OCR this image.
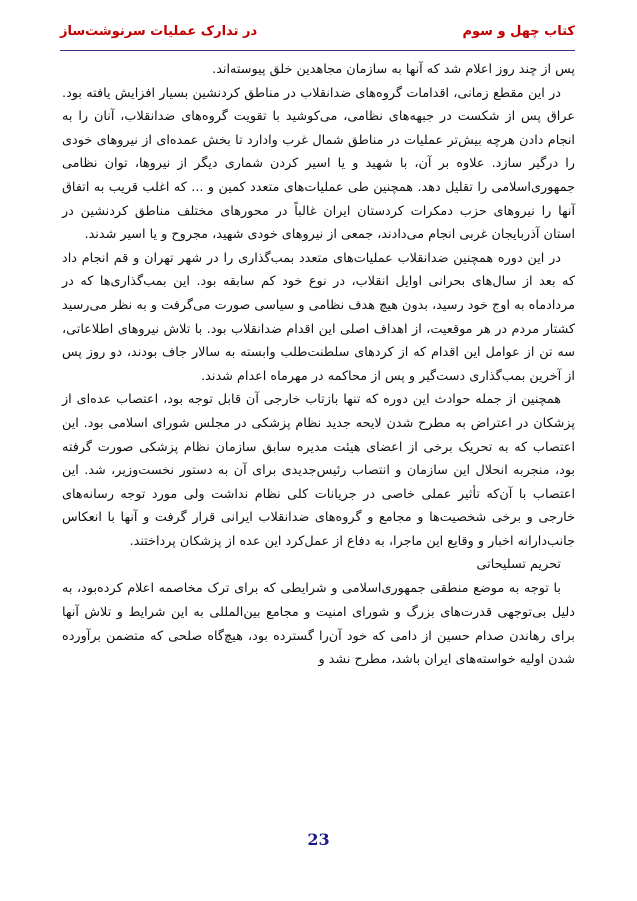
کتاب چهل و سوم
در تدارک عملیات سرنوشت‌ساز

پس از چند روز اعلام شد که آنها به سازمان مجاهدین خلق پیوسته‌اند.

در این مقطع زمانی، اقدامات گروه‌های ضدانقلاب در مناطق کردنشین بسیار افزایش یافته بود. عراق پس از شکست در جبهه‌های نظامی، می‌کوشید با تقویت گروه‌های ضدانقلاب، آنان را به انجام دادن هرچه بیش‌تر عملیات در مناطق شمال غرب وادارد تا بخش عمده‌ای از نیروهای خودی را درگیر سازد. علاوه بر آن، با شهید و یا اسیر کردن شماری دیگر از نیروها، توان نظامی جمهوری‌اسلامی را تقلیل دهد. همچنین طی عملیات‌های متعدد کمین و ... که اغلب قریب به اتفاق آنها را نیروهای حزب دمکرات کردستان ایران غالباً در محورهای مختلف مناطق کردنشین در استان آذربایجان غربی انجام می‌دادند، جمعی از نیروهای خودی شهید، مجروح و یا اسیر شدند.

در این دوره همچنین ضدانقلاب عملیات‌های متعدد بمب‌گذاری را در شهر تهران و قم انجام داد که بعد از سال‌های بحرانی اوایل انقلاب، در نوع خود کم سابقه بود. این بمب‌گذاری‌ها که در مردادماه به اوج خود رسید، بدون هیچ هدف نظامی و سیاسی صورت می‌گرفت و به نظر می‌رسید کشتار مردم در هر موقعیت، از اهداف اصلی این اقدام ضدانقلاب بود. با تلاش نیروهای اطلاعاتی، سه تن از عوامل این اقدام که از کردهای سلطنت‌طلب وابسته به سالار جاف بودند، دو روز پس از آخرین بمب‌گذاری دست‌گیر و پس از محاکمه در مهرماه اعدام شدند.

همچنین از جمله حوادث این دوره که تنها بازتاب خارجی آن قابل توجه بود، اعتصاب عده‌ای از پزشکان در اعتراض به مطرح شدن لایحه جدید نظام پزشکی در مجلس شورای اسلامی بود. این اعتصاب که به تحریک برخی از اعضای هیئت مدیره سابق سازمان نظام پزشکی صورت گرفته بود، منجربه انحلال این سازمان و انتصاب رئیس‌جدیدی برای آن به دستور نخست‌وزیر، شد. این اعتصاب با آن‌که تأثیر عملی خاصی در جریانات کلی نظام نداشت ولی مورد توجه رسانه‌های خارجی و برخی شخصیت‌ها و مجامع و گروه‌های ضدانقلاب ایرانی قرار گرفت و آنها با انعکاس جانب‌دارانه اخبار و وقایع این ماجرا، به دفاع از عمل‌کرد این عده از پزشکان پرداختند.

تحریم تسلیحاتی

با توجه به موضع منطقی جمهوری‌اسلامی و شرایطی که برای ترک مخاصمه اعلام کرده‌بود، به دلیل بی‌توجهی قدرت‌های بزرگ و شورای امنیت و مجامع بین‌المللی به این شرایط و تلاش آنها برای رهاندن صدام حسین از دامی که خود آن‌را گسترده بود، هیچ‌گاه صلحی که متضمن برآورده شدن اولیه خواسته‌های ایران باشد، مطرح نشد و

23
